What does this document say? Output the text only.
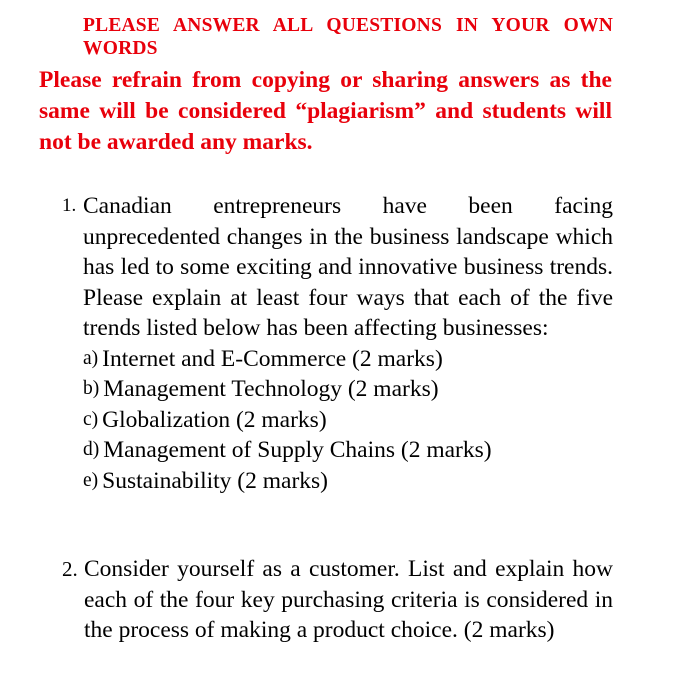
PLEASE ANSWER ALL QUESTIONS IN YOUR OWN WORDS
Please refrain from copying or sharing answers as the same will be considered “plagiarism” and students will not be awarded any marks.
1. Canadian entrepreneurs have been facing unprecedented changes in the business landscape which has led to some exciting and innovative business trends. Please explain at least four ways that each of the five trends listed below has been affecting businesses:

a) Internet and E-Commerce (2 marks)
b) Management Technology (2 marks)
c) Globalization (2 marks)
d) Management of Supply Chains (2 marks)
e) Sustainability (2 marks)
2. Consider yourself as a customer. List and explain how each of the four key purchasing criteria is considered in the process of making a product choice. (2 marks)
